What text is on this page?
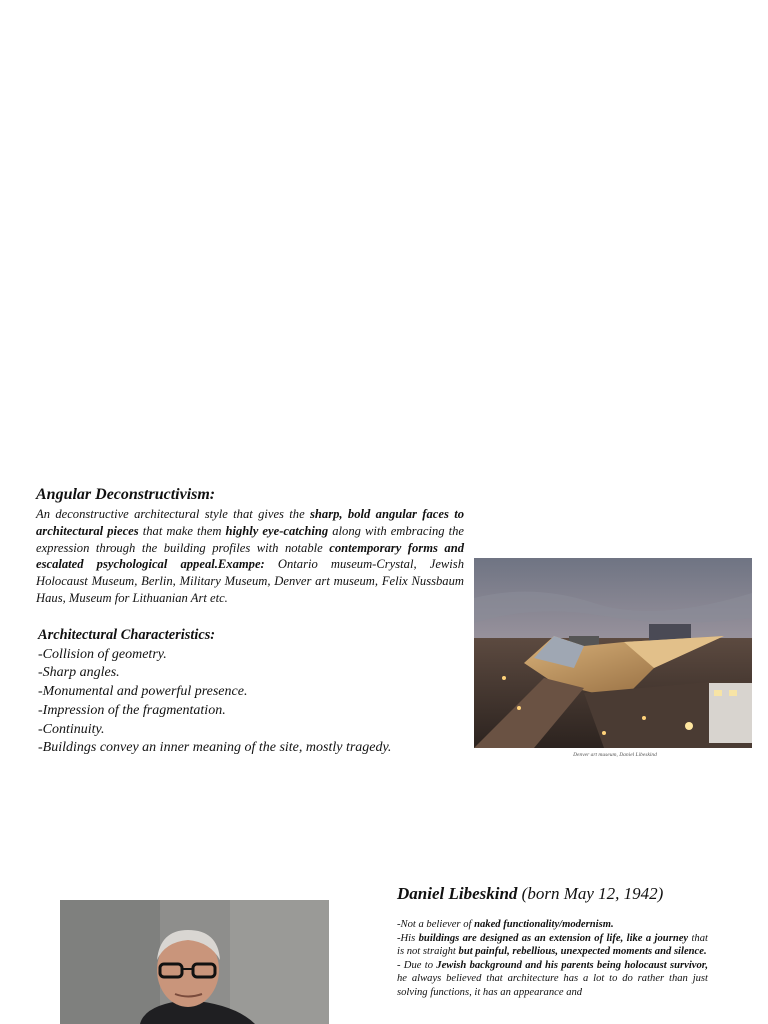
Angular Deconstructivism:

An deconstructive architectural style that gives the sharp, bold angular faces to architectural pieces that make them highly eye-catching along with embracing the expression through the building profiles with notable contemporary forms and escalated psychological appeal.Exampe: Ontario museum-Crystal, Jewish Holocaust Museum, Berlin, Military Museum, Denver art museum, Felix Nussbaum Haus, Museum for Lithuanian Art etc.

Architectural Characteristics:
-Collision of geometry.
-Sharp angles.
-Monumental and powerful presence.
-Impression of the fragmentation.
-Continuity.
-Buildings convey an inner meaning of the site, mostly tragedy.	Denver art museum, Daniel Libeskind
Daniel Libeskind (born May 12, 1942)
-Not a believer of naked functionality/modernism.
-His buildings are designed as an extension of life, like a journey that is not straight but painful, rebellious, unexpected moments and silence.
- Due to Jewish background and his parents being holocaust survivor, he always believed that architecture has a lot to do rather than just solving functions, it has an appearance and
